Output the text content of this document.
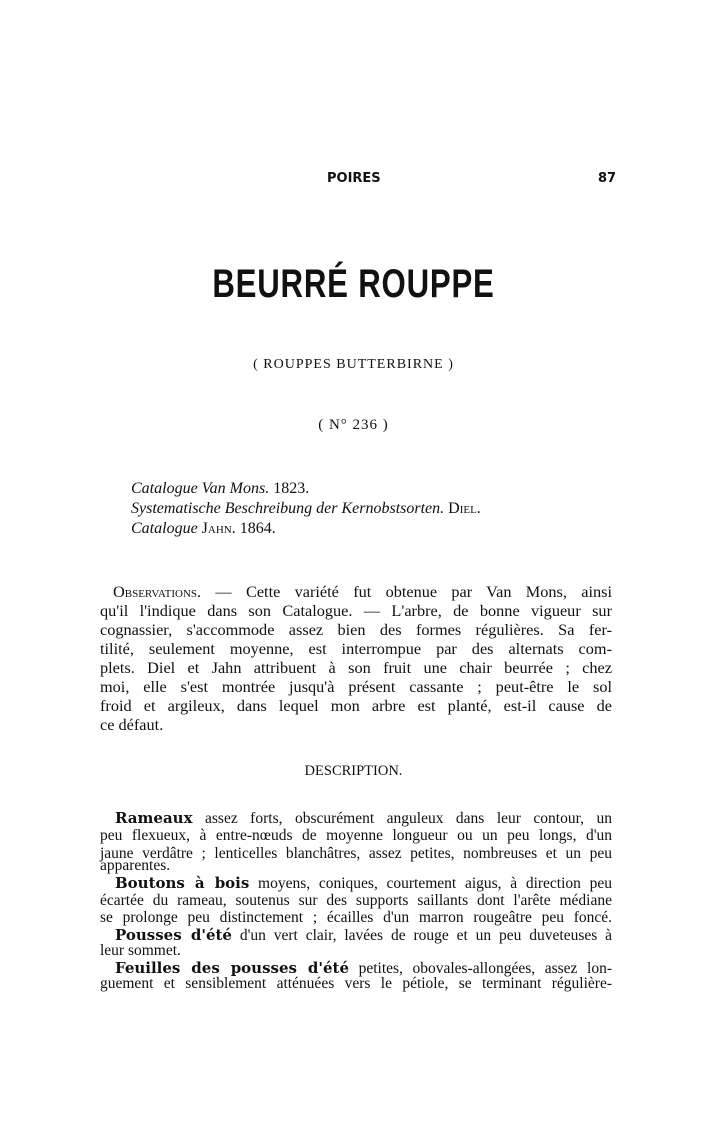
POIRES	87
BEURRÉ ROUPPE
( ROUPPES BUTTERBIRNE )
( N° 236 )
Catalogue Van Mons. 1823.
Systematische Beschreibung der Kernobstsorten. Diel.
Catalogue Jahn. 1864.
Observations. — Cette variété fut obtenue par Van Mons, ainsi
qu'il l'indique dans son Catalogue. — L'arbre, de bonne vigueur sur
cognassier, s'accommode assez bien des formes régulières. Sa fer-
tilité, seulement moyenne, est interrompue par des alternats com-
plets. Diel et Jahn attribuent à son fruit une chair beurrée ; chez
moi, elle s'est montrée jusqu'à présent cassante ; peut-être le sol
froid et argileux, dans lequel mon arbre est planté, est-il cause de
ce défaut.
DESCRIPTION.
Rameaux assez forts, obscurément anguleux dans leur contour, un
peu flexueux, à entre-nœuds de moyenne longueur ou un peu longs, d'un
jaune verdâtre ; lenticelles blanchâtres, assez petites, nombreuses et un peu
apparentes.
Boutons à bois moyens, coniques, courtement aigus, à direction peu
écartée du rameau, soutenus sur des supports saillants dont l'arête médiane
se prolonge peu distinctement ; écailles d'un marron rougeâtre peu foncé.
Pousses d'été d'un vert clair, lavées de rouge et un peu duveteuses à
leur sommet.
Feuilles des pousses d'été petites, obovales-allongées, assez lon-
guement et sensiblement atténuées vers le pétiole, se terminant régulière-
